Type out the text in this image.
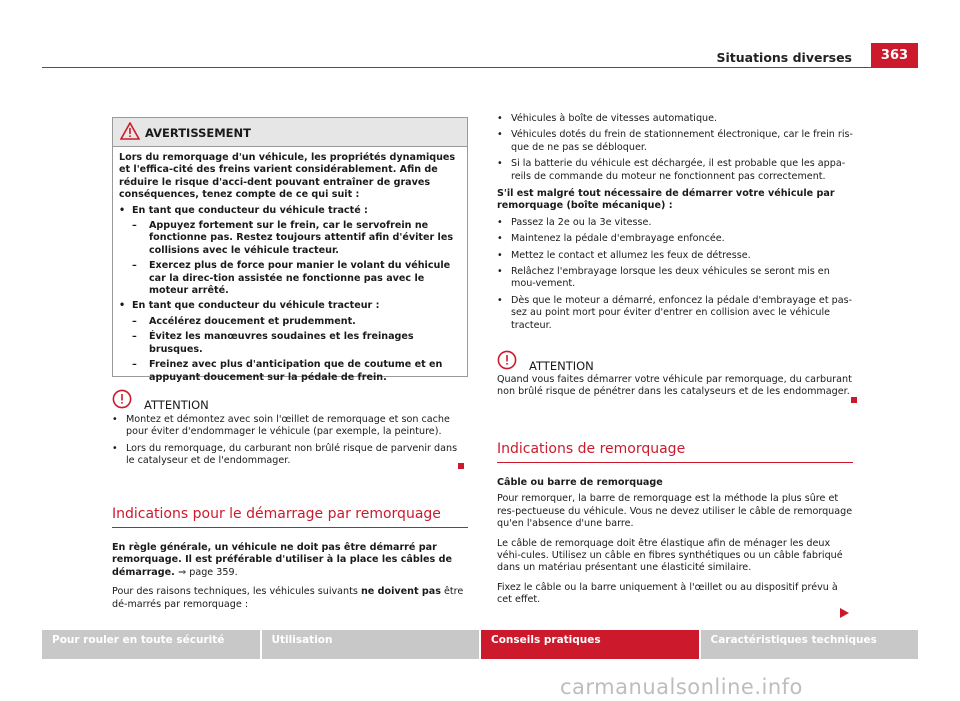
Situations diverses	363
AVERTISSEMENT

Lors du remorquage d'un véhicule, les propriétés dynamiques et l'effica-cité des freins varient considérablement. Afin de réduire le risque d'acci-dent pouvant entraîner de graves conséquences, tenez compte de ce qui suit :

• En tant que conducteur du véhicule tracté :
–	Appuyez fortement sur le frein, car le servofrein ne fonctionne pas. Restez toujours attentif afin d'éviter les collisions avec le véhicule tracteur.
–	Exercez plus de force pour manier le volant du véhicule car la direc-tion assistée ne fonctionne pas avec le moteur arrêté.
• En tant que conducteur du véhicule tracteur :
–	Accélérez doucement et prudemment.
–	Évitez les manœuvres soudaines et les freinages brusques.
–	Freinez avec plus d'anticipation que de coutume et en appuyant doucement sur la pédale de frein.
ATTENTION
• Montez et démontez avec soin l'œillet de remorquage et son cache pour éviter d'endommager le véhicule (par exemple, la peinture).
• Lors du remorquage, du carburant non brûlé risque de parvenir dans le catalyseur et de l'endommager.
Indications pour le démarrage par remorquage

En règle générale, un véhicule ne doit pas être démarré par remorquage. Il est préférable d'utiliser à la place les câbles de démarrage. ⇒ page 359.

Pour des raisons techniques, les véhicules suivants ne doivent pas être dé-marrés par remorquage :

• Véhicules à boîte de vitesses automatique.
• Véhicules dotés du frein de stationnement électronique, car le frein ris-que de ne pas se débloquer.
• Si la batterie du véhicule est déchargée, il est probable que les appa-reils de commande du moteur ne fonctionnent pas correctement.

S'il est malgré tout nécessaire de démarrer votre véhicule par remorquage (boîte mécanique) :

• Passez la 2e ou la 3e vitesse.
• Maintenez la pédale d'embrayage enfoncée.
• Mettez le contact et allumez les feux de détresse.
• Relâchez l'embrayage lorsque les deux véhicules se seront mis en mou-vement.
• Dès que le moteur a démarré, enfoncez la pédale d'embrayage et pas-sez au point mort pour éviter d'entrer en collision avec le véhicule tracteur.
ATTENTION

Quand vous faites démarrer votre véhicule par remorquage, du carburant non brûlé risque de pénétrer dans les catalyseurs et de les endommager.

Indications de remorquage

Câble ou barre de remorquage

Pour remorquer, la barre de remorquage est la méthode la plus sûre et res-pectueuse du véhicule. Vous ne devez utiliser le câble de remorquage qu'en l'absence d'une barre.

Le câble de remorquage doit être élastique afin de ménager les deux véhi-cules. Utilisez un câble en fibres synthétiques ou un câble fabriqué dans un matériau présentant une élasticité similaire.

Fixez le câble ou la barre uniquement à l'œillet ou au dispositif prévu à cet effet.

Pour rouler en toute sécurité	Utilisation	Conseils pratiques	Caractéristiques techniques
carmanualsonline.info
